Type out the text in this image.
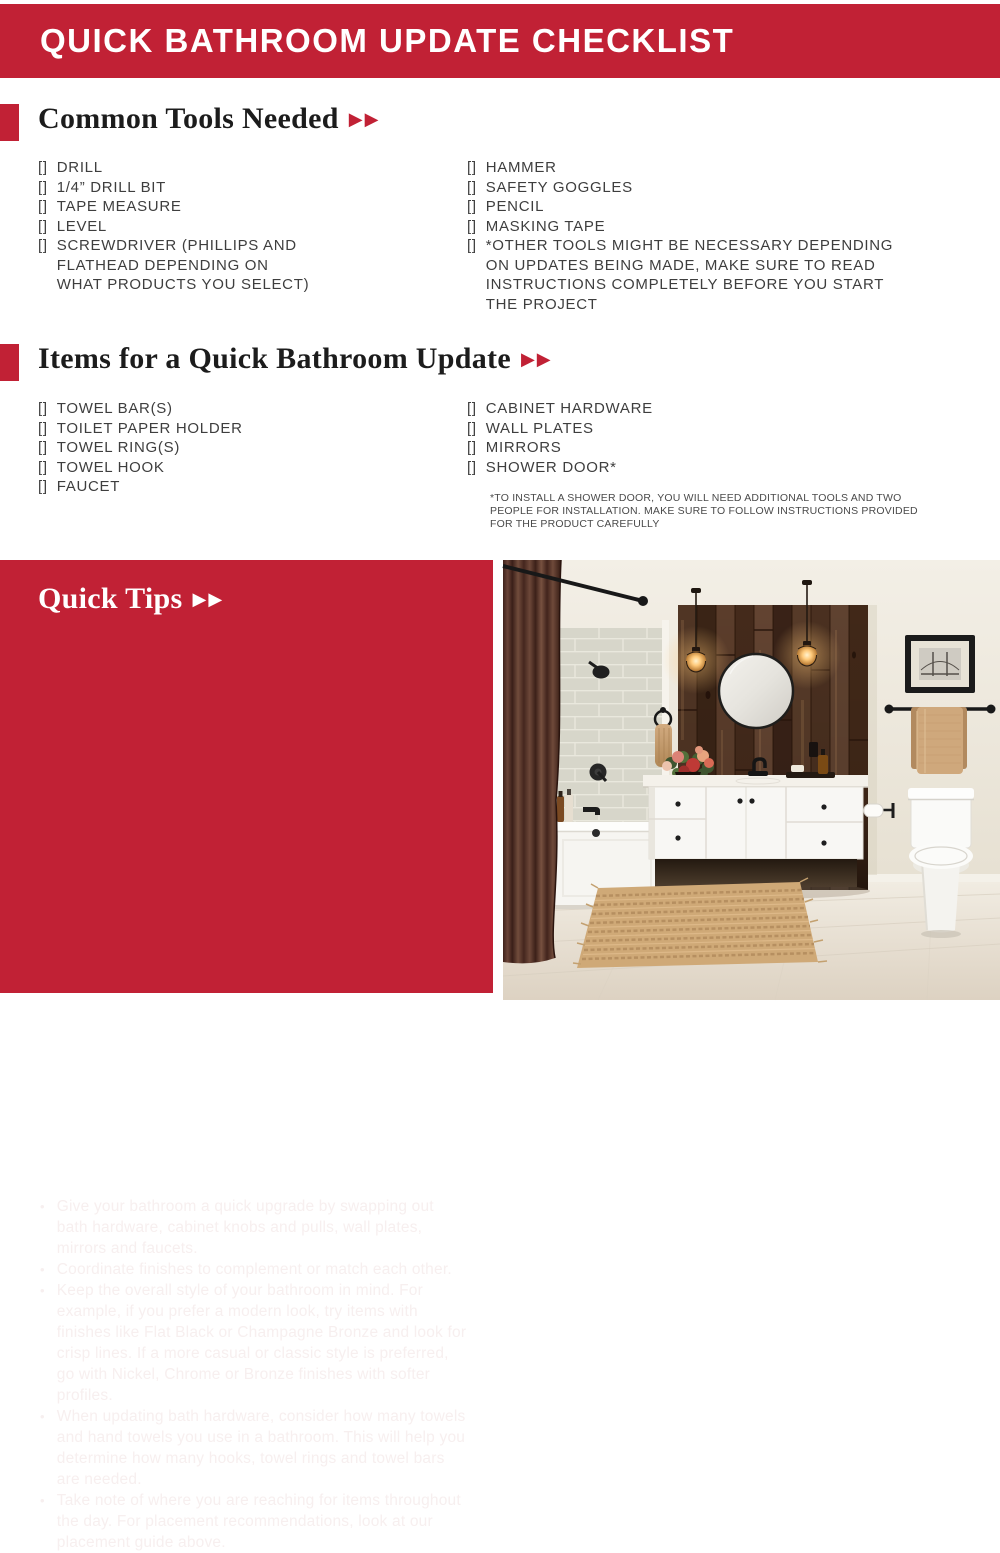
QUICK BATHROOM UPDATE CHECKLIST
Common Tools Needed ▶▶
[] DRILL
[] 1/4” DRILL BIT
[] TAPE MEASURE
[] LEVEL
[] SCREWDRIVER (PHILLIPS AND FLATHEAD DEPENDING ON WHAT PRODUCTS YOU SELECT)
[] HAMMER
[] SAFETY GOGGLES
[] PENCIL
[] MASKING TAPE
[] *OTHER TOOLS MIGHT BE NECESSARY DEPENDING ON UPDATES BEING MADE, MAKE SURE TO READ INSTRUCTIONS COMPLETELY BEFORE YOU START THE PROJECT
Items for a Quick Bathroom Update ▶▶
[] TOWEL BAR(S)
[] TOILET PAPER HOLDER
[] TOWEL RING(S)
[] TOWEL HOOK
[] FAUCET
[] CABINET HARDWARE
[] WALL PLATES
[] MIRRORS
[] SHOWER DOOR*
*TO INSTALL A SHOWER DOOR, YOU WILL NEED ADDITIONAL TOOLS AND TWO PEOPLE FOR INSTALLATION. MAKE SURE TO FOLLOW INSTRUCTIONS PROVIDED FOR THE PRODUCT CAREFULLY
Quick Tips ▶▶
• Give your bathroom a quick upgrade by swapping out bath hardware, cabinet knobs and pulls, wall plates, mirrors and faucets.
• Coordinate finishes to complement or match each other.
• Keep the overall style of your bathroom in mind. For example, if you prefer a modern look, try items with finishes like Flat Black or Champagne Bronze and look for crisp lines. If a more casual or classic style is preferred, go with Nickel, Chrome or Bronze finishes with softer profiles.
• When updating bath hardware, consider how many towels and hand towels you use in a bathroom. This will help you determine how many hooks, towel rings and towel bars are needed.
• Take note of where you are reaching for items throughout the day. For placement recommendations, look at our placement guide above.
